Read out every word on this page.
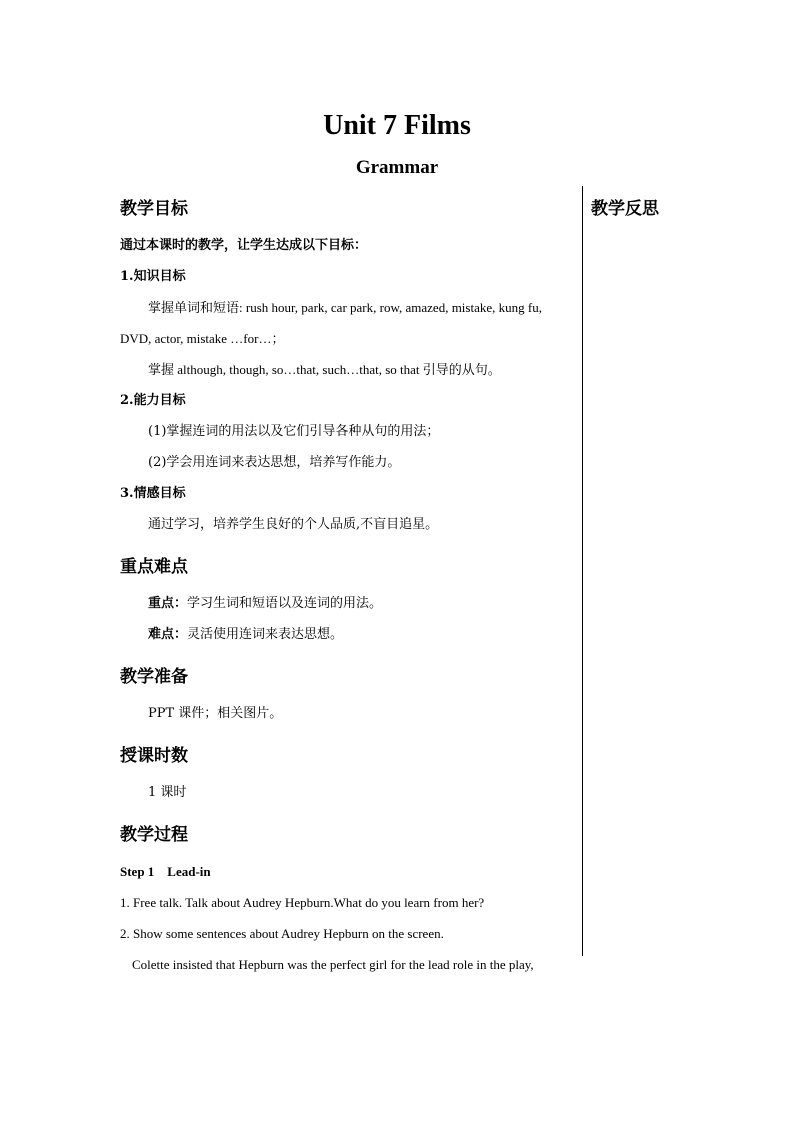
Unit 7 Films
Grammar
教学目标
通过本课时的教学，让学生达成以下目标：
1.知识目标
掌握单词和短语: rush hour, park, car park, row, amazed, mistake, kung fu,
DVD, actor, mistake …for…；
掌握 although, though, so…that, such…that, so that 引导的从句。
2.能力目标
(1)掌握连词的用法以及它们引导各种从句的用法；
(2)学会用连词来表达思想，培养写作能力。
3.情感目标
通过学习，培养学生良好的个人品质,不盲目追星。
重点难点
重点：学习生词和短语以及连词的用法。
难点：灵活使用连词来表达思想。
教学准备
PPT 课件；相关图片。
授课时数
1 课时
教学过程
Step 1    Lead-in
1. Free talk. Talk about Audrey Hepburn.What do you learn from her?
2. Show some sentences about Audrey Hepburn on the screen.
Colette insisted that Hepburn was the perfect girl for the lead role in the play,
教学反思
